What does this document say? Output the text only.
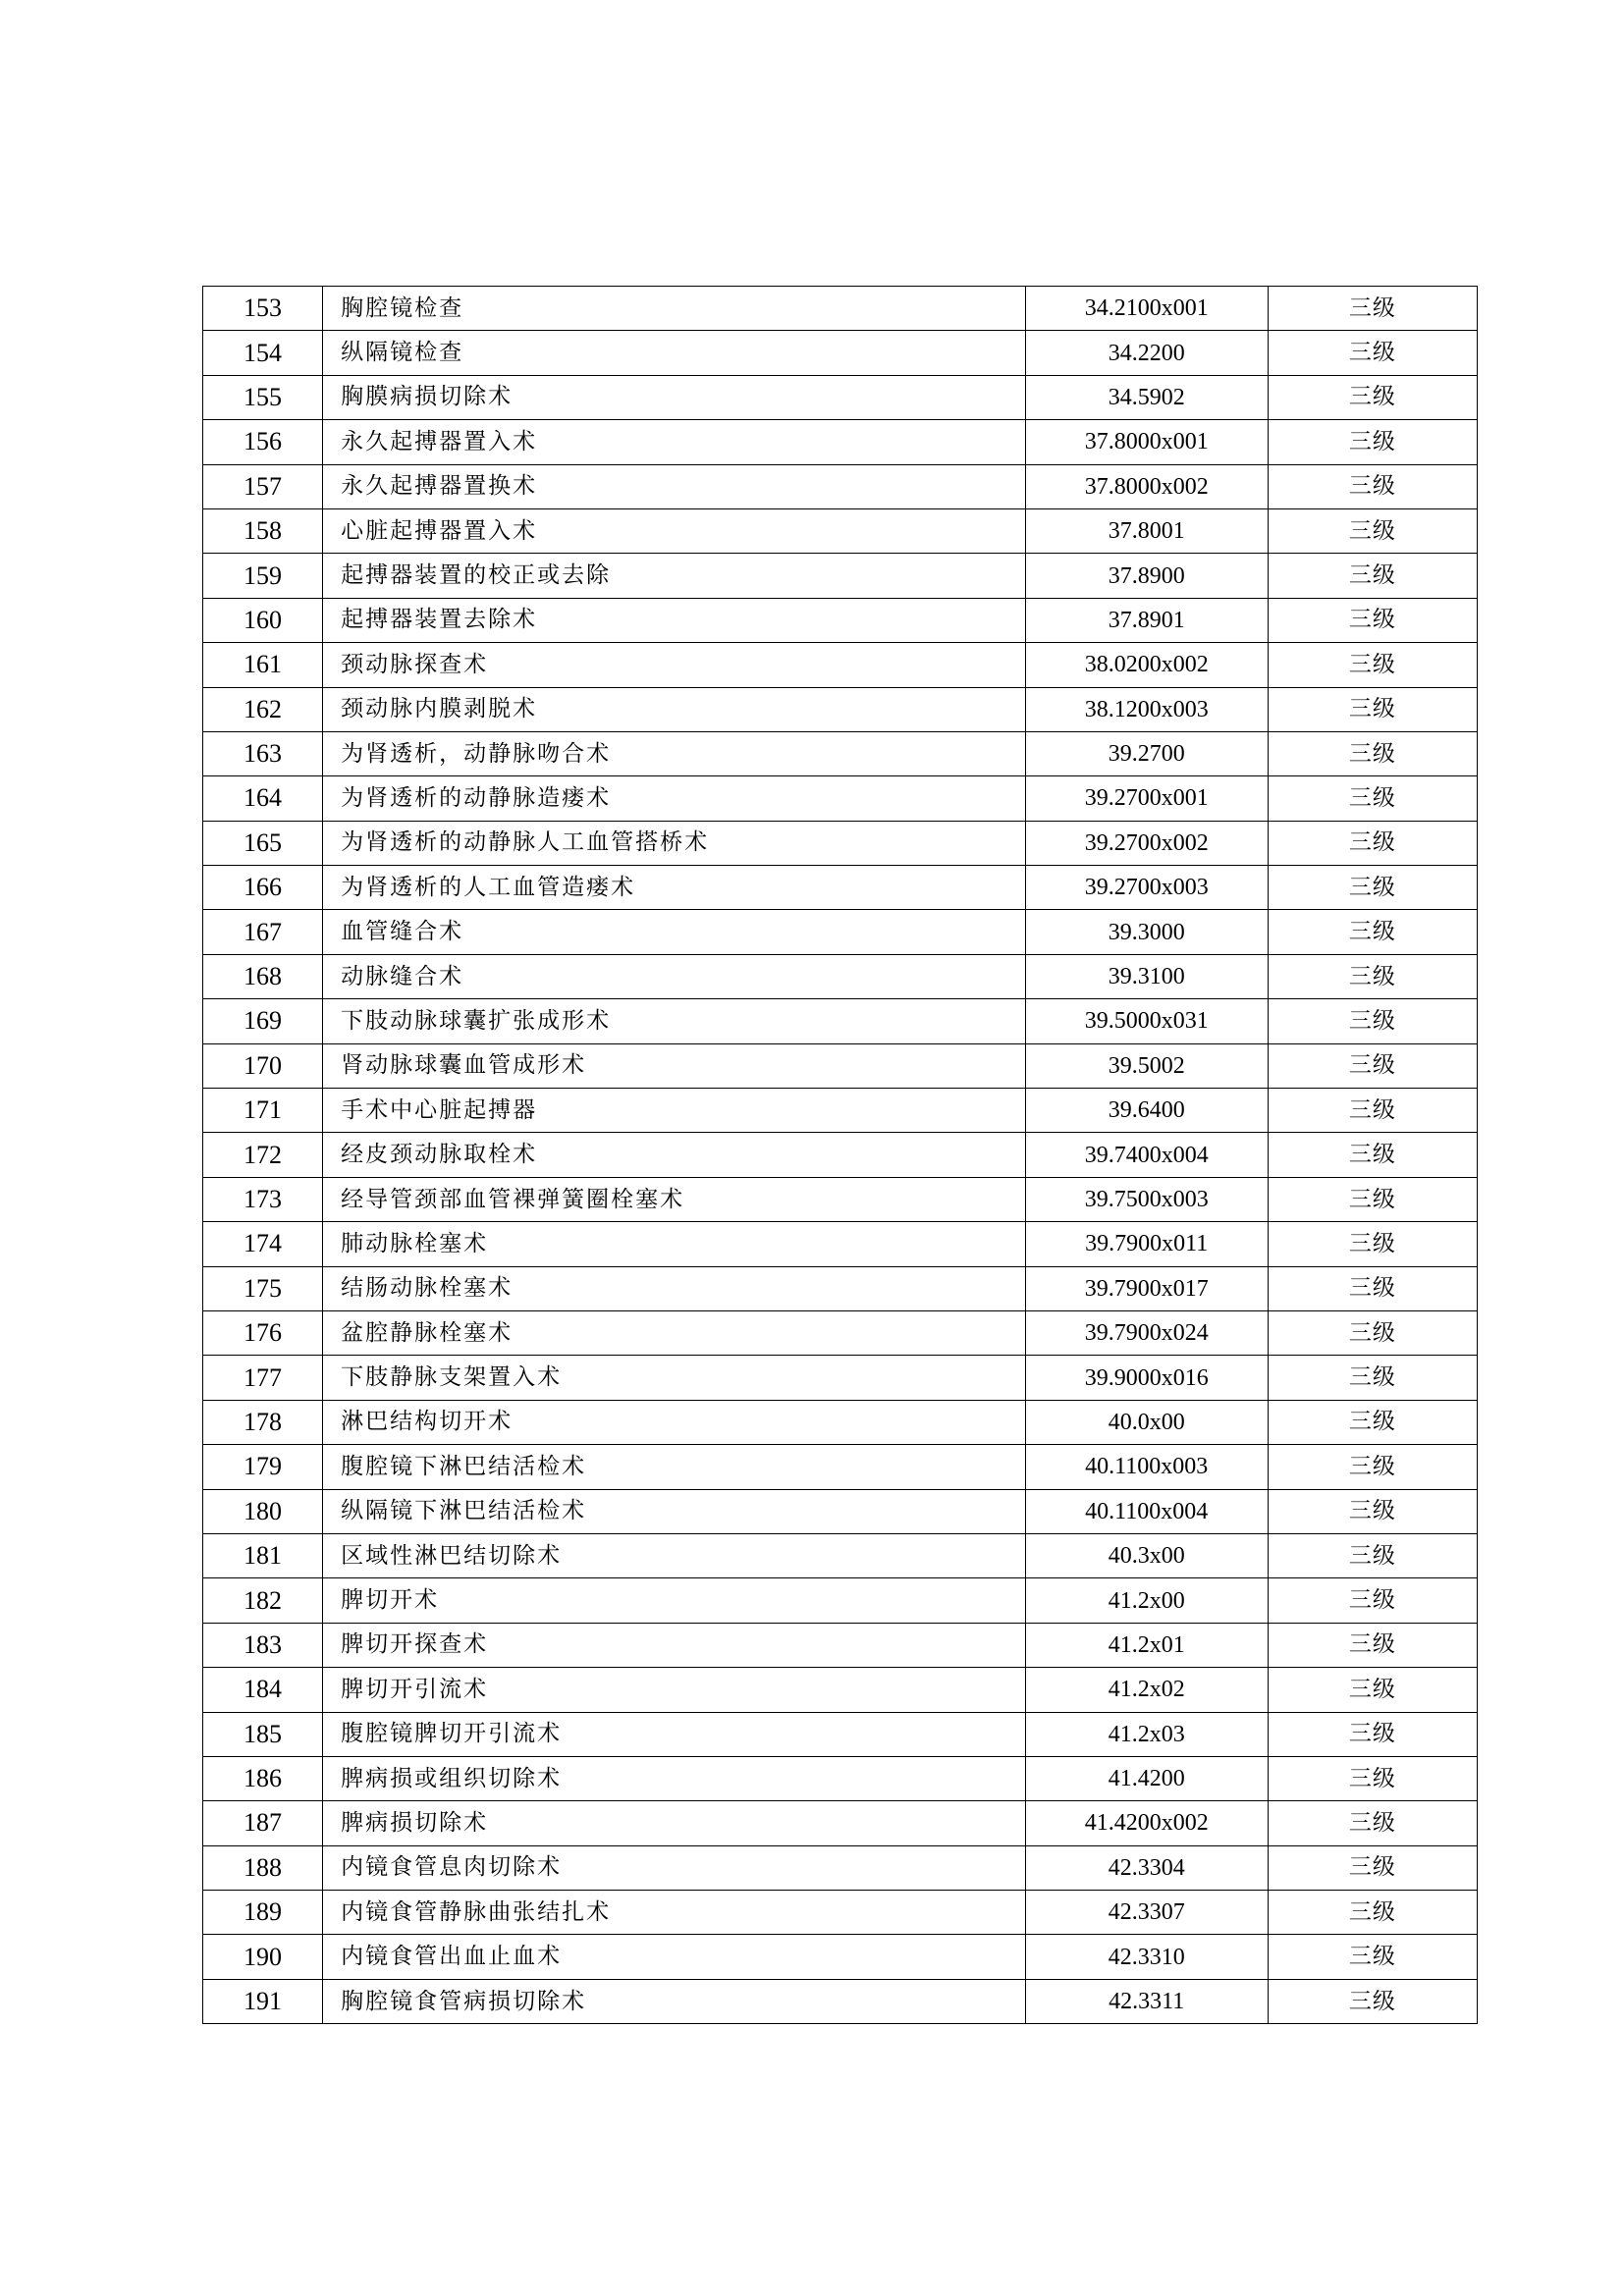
153	胸腔镜检查	34.2100x001	三级
154	纵隔镜检查	34.2200	三级
155	胸膜病损切除术	34.5902	三级
156	永久起搏器置入术	37.8000x001	三级
157	永久起搏器置换术	37.8000x002	三级
158	心脏起搏器置入术	37.8001	三级
159	起搏器装置的校正或去除	37.8900	三级
160	起搏器装置去除术	37.8901	三级
161	颈动脉探查术	38.0200x002	三级
162	颈动脉内膜剥脱术	38.1200x003	三级
163	为肾透析，动静脉吻合术	39.2700	三级
164	为肾透析的动静脉造瘘术	39.2700x001	三级
165	为肾透析的动静脉人工血管搭桥术	39.2700x002	三级
166	为肾透析的人工血管造瘘术	39.2700x003	三级
167	血管缝合术	39.3000	三级
168	动脉缝合术	39.3100	三级
169	下肢动脉球囊扩张成形术	39.5000x031	三级
170	肾动脉球囊血管成形术	39.5002	三级
171	手术中心脏起搏器	39.6400	三级
172	经皮颈动脉取栓术	39.7400x004	三级
173	经导管颈部血管裸弹簧圈栓塞术	39.7500x003	三级
174	肺动脉栓塞术	39.7900x011	三级
175	结肠动脉栓塞术	39.7900x017	三级
176	盆腔静脉栓塞术	39.7900x024	三级
177	下肢静脉支架置入术	39.9000x016	三级
178	淋巴结构切开术	40.0x00	三级
179	腹腔镜下淋巴结活检术	40.1100x003	三级
180	纵隔镜下淋巴结活检术	40.1100x004	三级
181	区域性淋巴结切除术	40.3x00	三级
182	脾切开术	41.2x00	三级
183	脾切开探查术	41.2x01	三级
184	脾切开引流术	41.2x02	三级
185	腹腔镜脾切开引流术	41.2x03	三级
186	脾病损或组织切除术	41.4200	三级
187	脾病损切除术	41.4200x002	三级
188	内镜食管息肉切除术	42.3304	三级
189	内镜食管静脉曲张结扎术	42.3307	三级
190	内镜食管出血止血术	42.3310	三级
191	胸腔镜食管病损切除术	42.3311	三级
